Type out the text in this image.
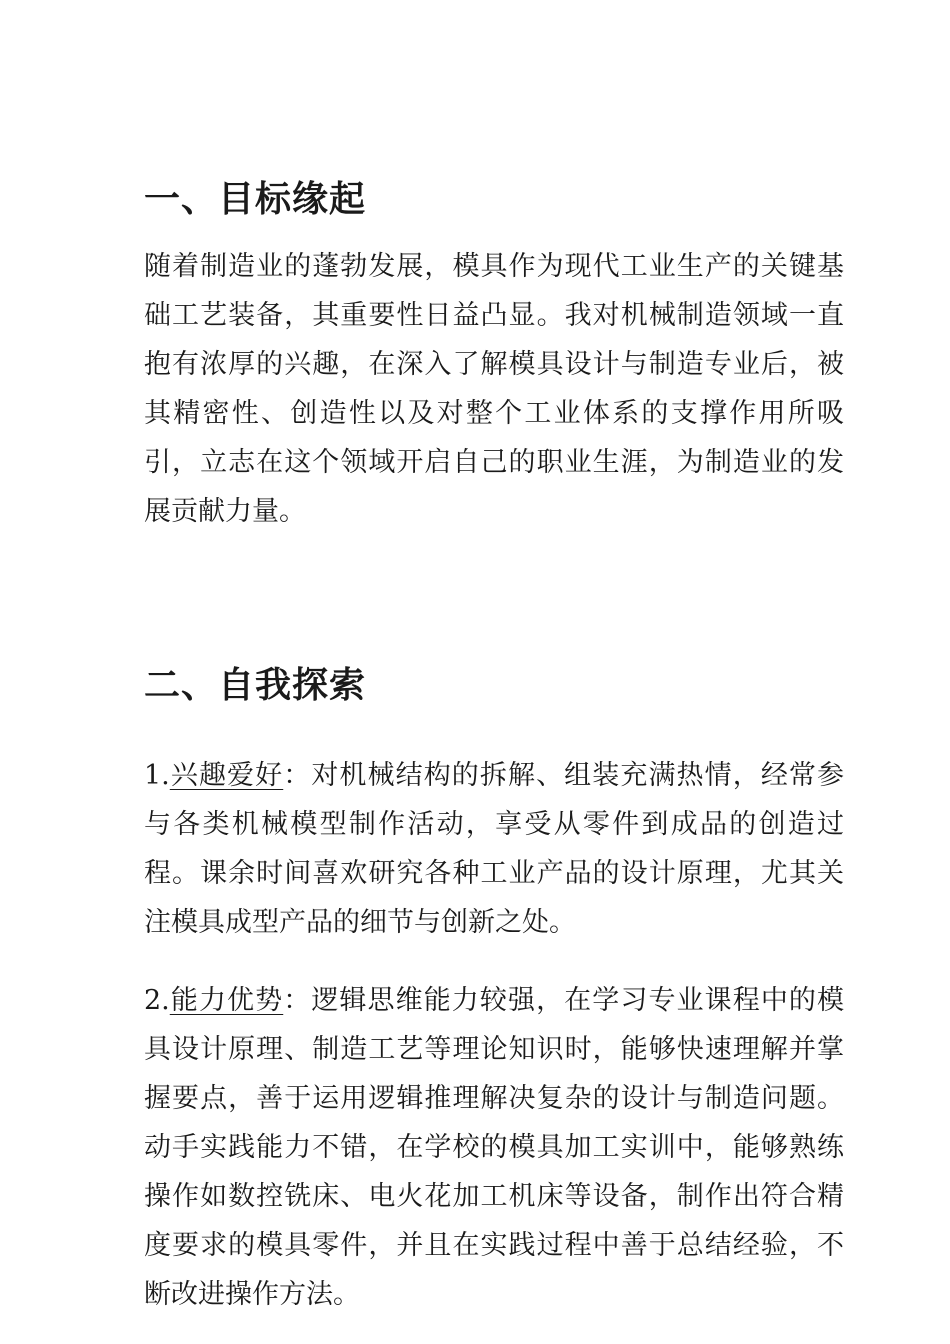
一、目标缘起

随着制造业的蓬勃发展，模具作为现代工业生产的关键基础工艺装备，其重要性日益凸显。我对机械制造领域一直抱有浓厚的兴趣，在深入了解模具设计与制造专业后，被其精密性、创造性以及对整个工业体系的支撑作用所吸引，立志在这个领域开启自己的职业生涯，为制造业的发展贡献力量。

二、自我探索

1.兴趣爱好：对机械结构的拆解、组装充满热情，经常参与各类机械模型制作活动，享受从零件到成品的创造过程。课余时间喜欢研究各种工业产品的设计原理，尤其关注模具成型产品的细节与创新之处。

2.能力优势：逻辑思维能力较强，在学习专业课程中的模具设计原理、制造工艺等理论知识时，能够快速理解并掌握要点，善于运用逻辑推理解决复杂的设计与制造问题。动手实践能力不错，在学校的模具加工实训中，能够熟练操作如数控铣床、电火花加工机床等设备，制作出符合精度要求的模具零件，并且在实践过程中善于总结经验，不断改进操作方法。
